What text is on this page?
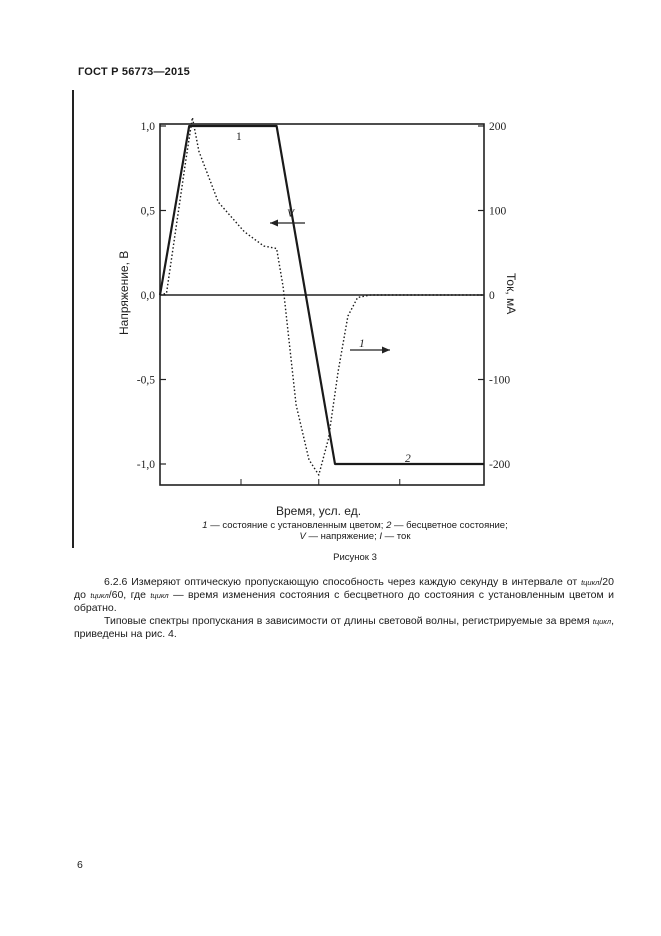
ГОСТ Р 56773—2015
1,0
0,5
0,0
-0,5
-1,0
200
100
0
-100
-200
Напряжение, В	Ток, мА
Время, усл. ед.
1
V
1
2
1 — состояние с установленным цветом; 2 — бесцветное состояние;
V — напряжение; I — ток
Рисунок 3
6.2.6 Измеряют оптическую пропускающую способность через каждую секунду в интервале от tцикл/20 до tцикл/60, где tцикл — время изменения состояния с бесцветного до состояния с установленным цветом и обратно.
Типовые спектры пропускания в зависимости от длины световой волны, регистрируемые за время tцикл, приведены на рис. 4.
6
